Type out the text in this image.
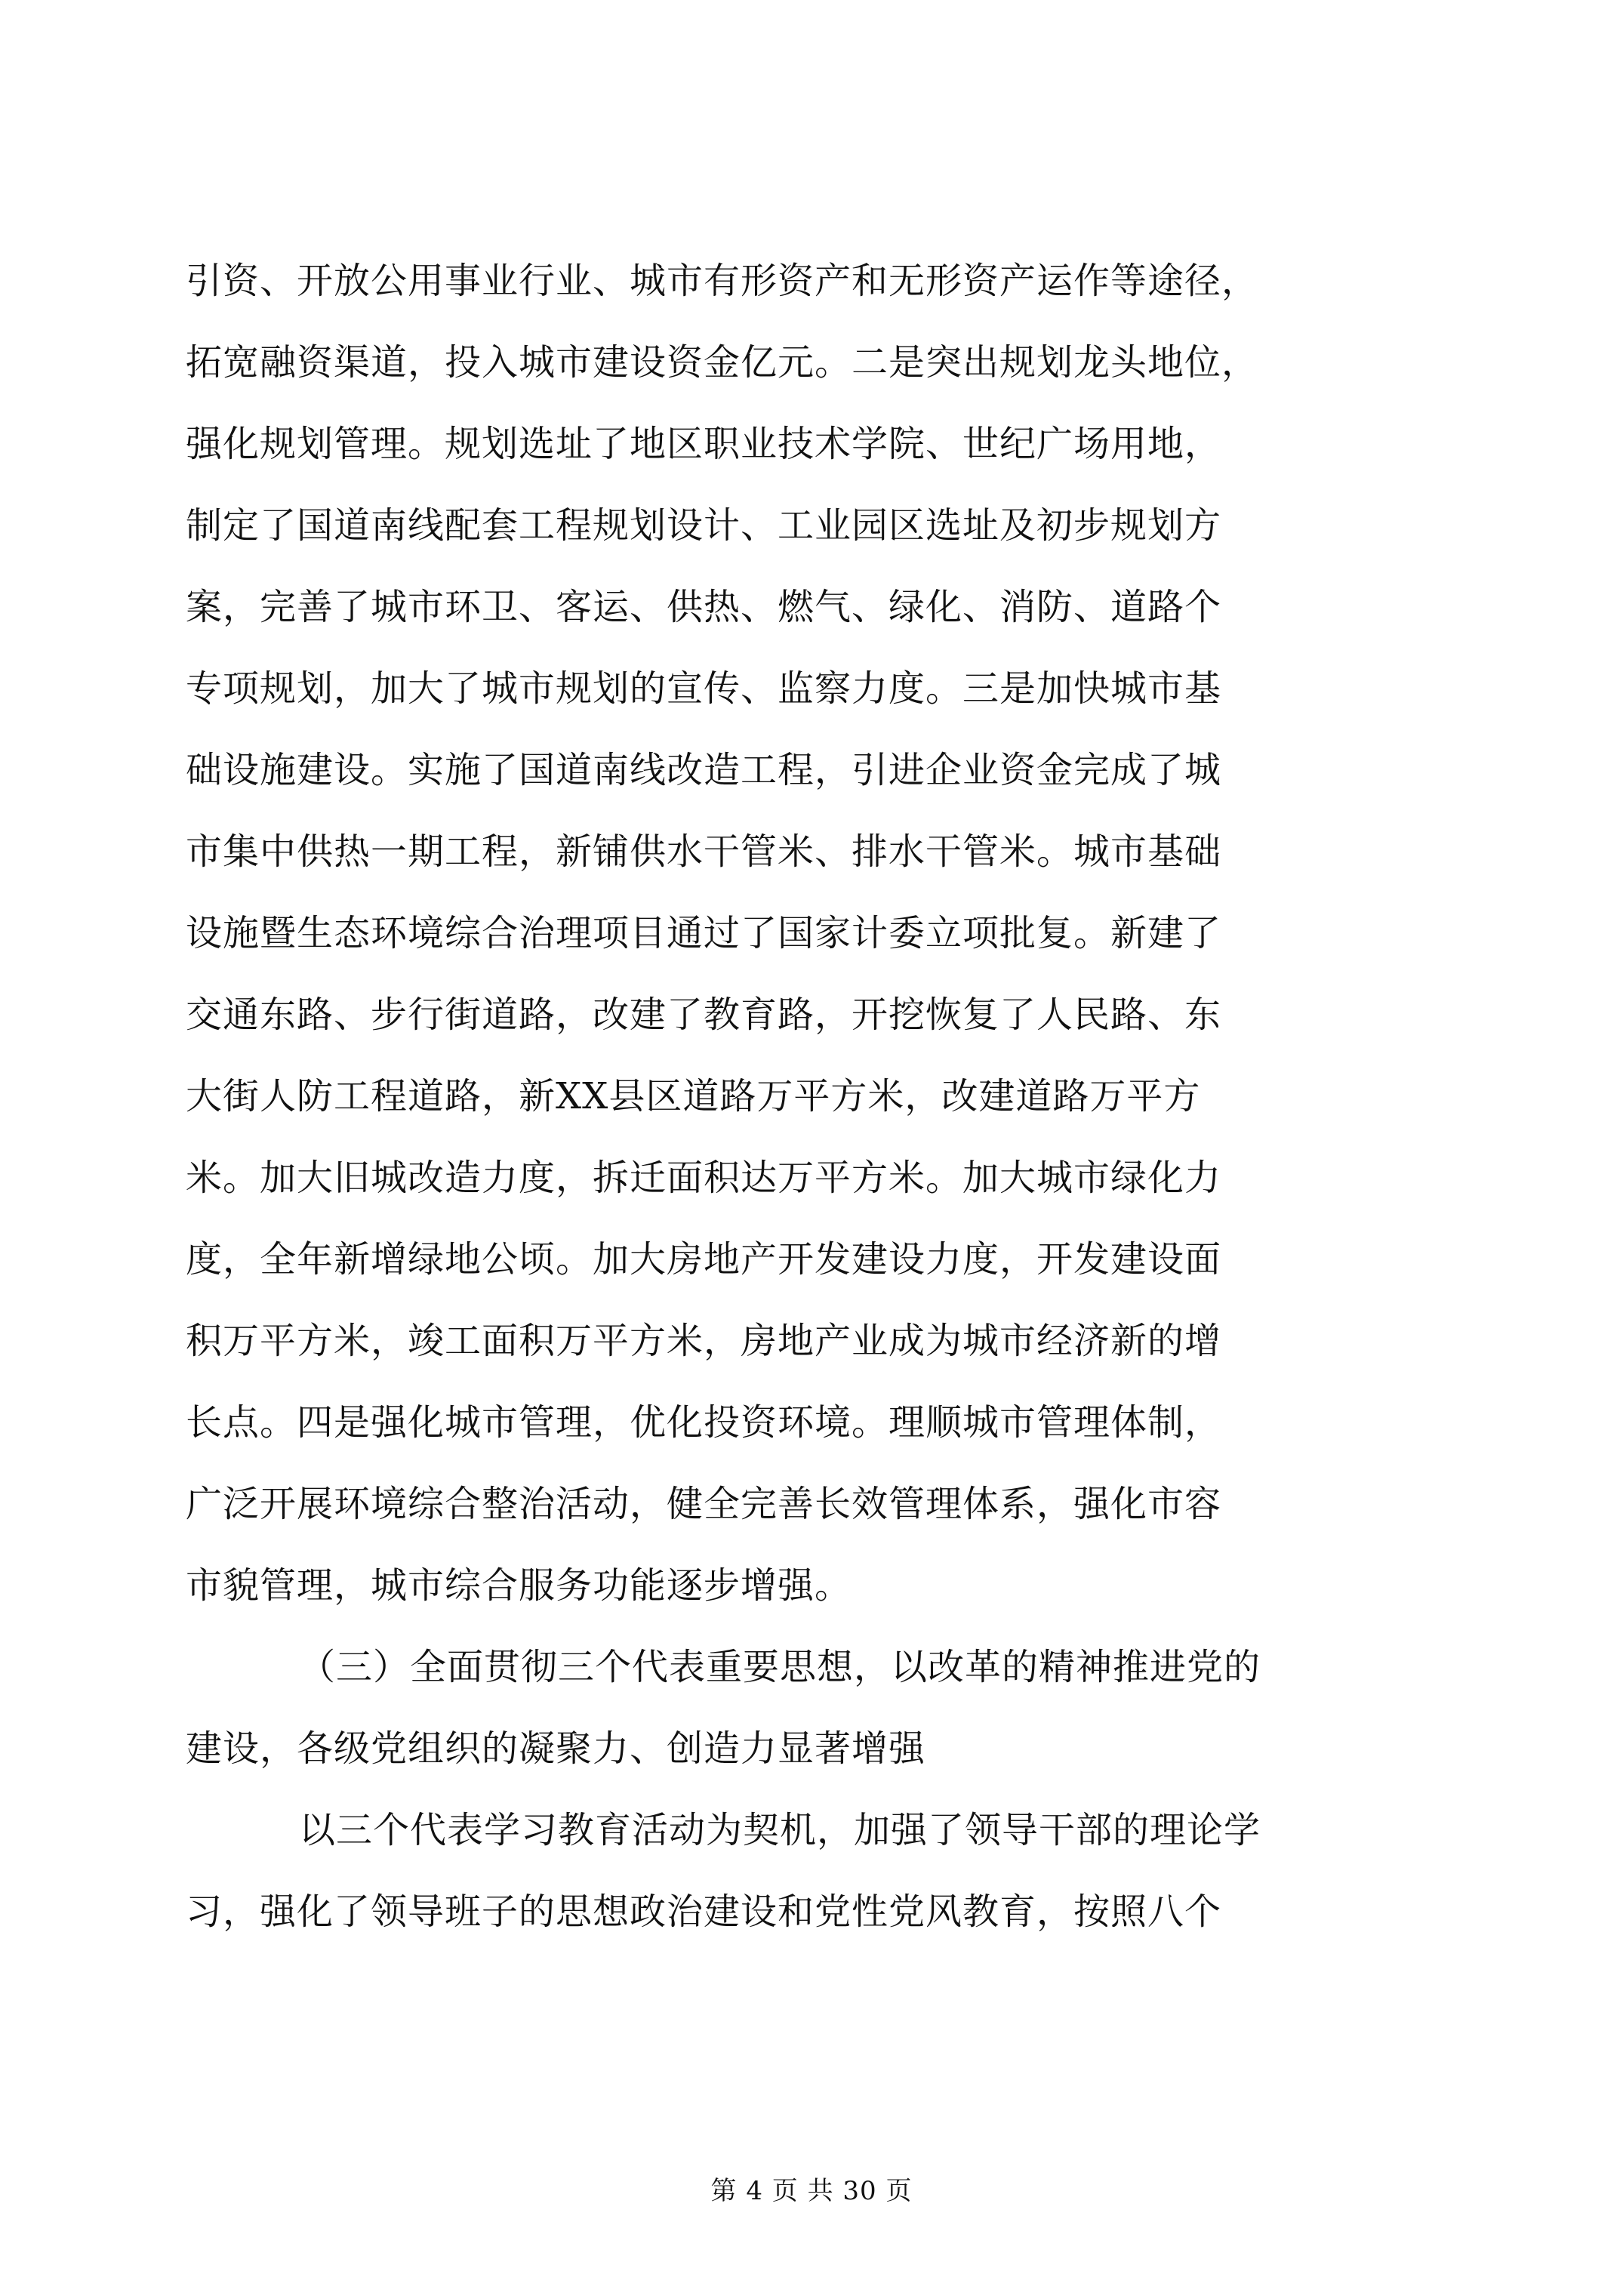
引资、开放公用事业行业、城市有形资产和无形资产运作等途径，
拓宽融资渠道，投入城市建设资金亿元。二是突出规划龙头地位，
强化规划管理。规划选址了地区职业技术学院、世纪广场用地，
制定了国道南线配套工程规划设计、工业园区选址及初步规划方
案，完善了城市环卫、客运、供热、燃气、绿化、消防、道路个
专项规划，加大了城市规划的宣传、监察力度。三是加快城市基
础设施建设。实施了国道南线改造工程，引进企业资金完成了城
市集中供热一期工程，新铺供水干管米、排水干管米。城市基础
设施暨生态环境综合治理项目通过了国家计委立项批复。新建了
交通东路、步行街道路，改建了教育路，开挖恢复了人民路、东
大街人防工程道路，新XX县区道路万平方米，改建道路万平方
米。加大旧城改造力度，拆迁面积达万平方米。加大城市绿化力
度，全年新增绿地公顷。加大房地产开发建设力度，开发建设面
积万平方米，竣工面积万平方米，房地产业成为城市经济新的增
长点。四是强化城市管理，优化投资环境。理顺城市管理体制，
广泛开展环境综合整治活动，健全完善长效管理体系，强化市容
市貌管理，城市综合服务功能逐步增强。
（三）全面贯彻三个代表重要思想，以改革的精神推进党的
建设，各级党组织的凝聚力、创造力显著增强
以三个代表学习教育活动为契机，加强了领导干部的理论学
习，强化了领导班子的思想政治建设和党性党风教育，按照八个
第 4 页 共 30 页
